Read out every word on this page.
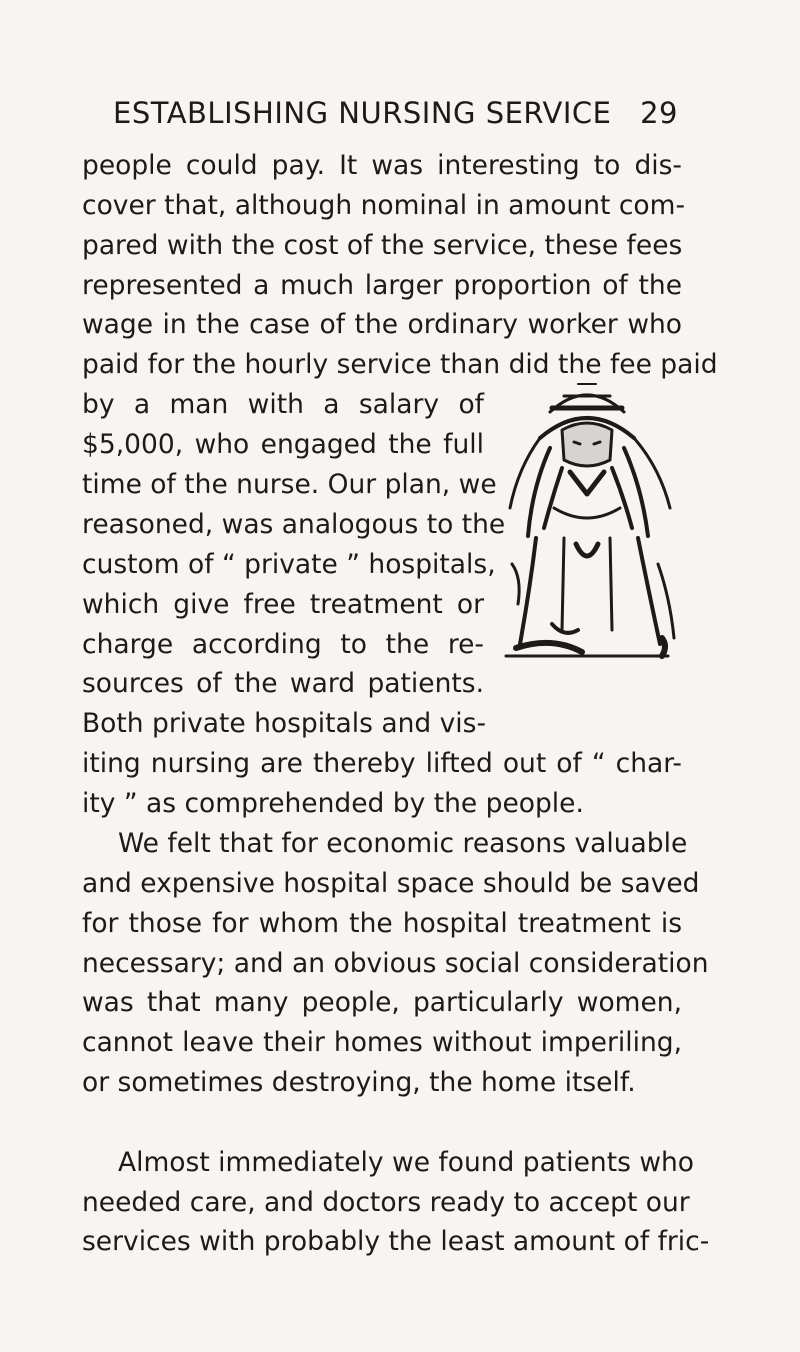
ESTABLISHING NURSING SERVICE 29
people could pay. It was interesting to dis-
cover that, although nominal in amount com-
pared with the cost of the service, these fees
represented a much larger proportion of the
wage in the case of the ordinary worker who
paid for the hourly service than did the fee paid
by a man with a salary of
$5,000, who engaged the full
time of the nurse. Our plan, we
reasoned, was analogous to the
custom of “ private ” hospitals,
which give free treatment or
charge according to the re-
sources of the ward patients.
Both private hospitals and vis-
iting nursing are thereby lifted out of “ char-
ity ” as comprehended by the people.
We felt that for economic reasons valuable
and expensive hospital space should be saved
for those for whom the hospital treatment is
necessary; and an obvious social consideration
was that many people, particularly women,
cannot leave their homes without imperiling,
or sometimes destroying, the home itself.
Almost immediately we found patients who
needed care, and doctors ready to accept our
services with probably the least amount of fric-
